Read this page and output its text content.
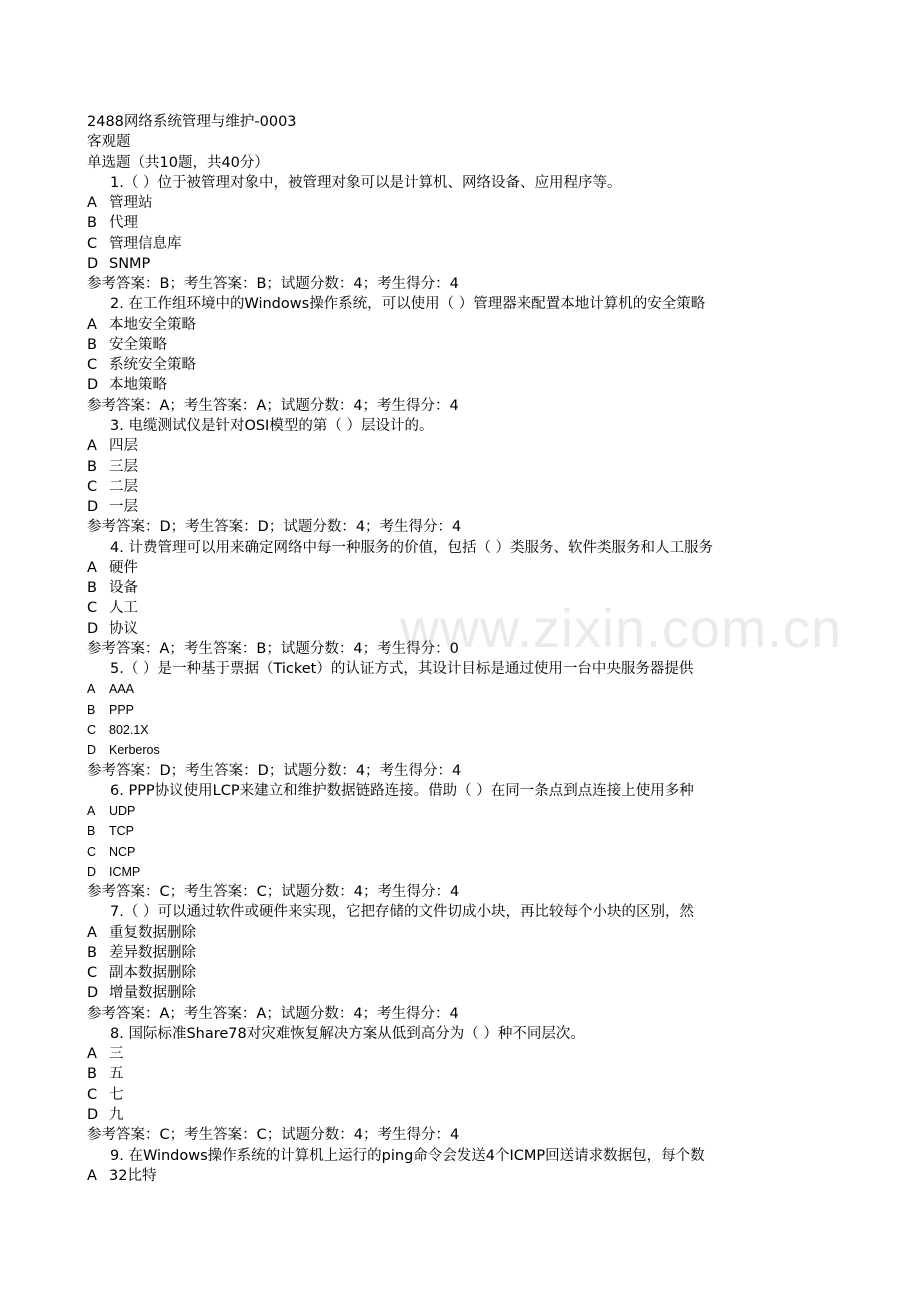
www.zixin.com.cn
2488网络系统管理与维护-0003
客观题
单选题（共10题，共40分）
1.（ ）位于被管理对象中，被管理对象可以是计算机、网络设备、应用程序等。
A 管理站
B 代理
C 管理信息库
D SNMP
参考答案：B；考生答案：B；试题分数：4；考生得分：4
2. 在工作组环境中的Windows操作系统，可以使用（ ）管理器来配置本地计算机的安全策略
A 本地安全策略
B 安全策略
C 系统安全策略
D 本地策略
参考答案：A；考生答案：A；试题分数：4；考生得分：4
3. 电缆测试仪是针对OSI模型的第（ ）层设计的。
A 四层
B 三层
C 二层
D 一层
参考答案：D；考生答案：D；试题分数：4；考生得分：4
4. 计费管理可以用来确定网络中每一种服务的价值，包括（ ）类服务、软件类服务和人工服务
A 硬件
B 设备
C 人工
D 协议
参考答案：A；考生答案：B；试题分数：4；考生得分：0
5.（ ）是一种基于票据（Ticket）的认证方式，其设计目标是通过使用一台中央服务器提供
A AAA
B PPP
C 802.1X
D Kerberos
参考答案：D；考生答案：D；试题分数：4；考生得分：4
6. PPP协议使用LCP来建立和维护数据链路连接。借助（ ）在同一条点到点连接上使用多种
A UDP
B TCP
C NCP
D ICMP
参考答案：C；考生答案：C；试题分数：4；考生得分：4
7.（ ）可以通过软件或硬件来实现，它把存储的文件切成小块，再比较每个小块的区别，然
A 重复数据删除
B 差异数据删除
C 副本数据删除
D 增量数据删除
参考答案：A；考生答案：A；试题分数：4；考生得分：4
8. 国际标准Share78对灾难恢复解决方案从低到高分为（ ）种不同层次。
A 三
B 五
C 七
D 九
参考答案：C；考生答案：C；试题分数：4；考生得分：4
9. 在Windows操作系统的计算机上运行的ping命令会发送4个ICMP回送请求数据包，每个数
A 32比特
